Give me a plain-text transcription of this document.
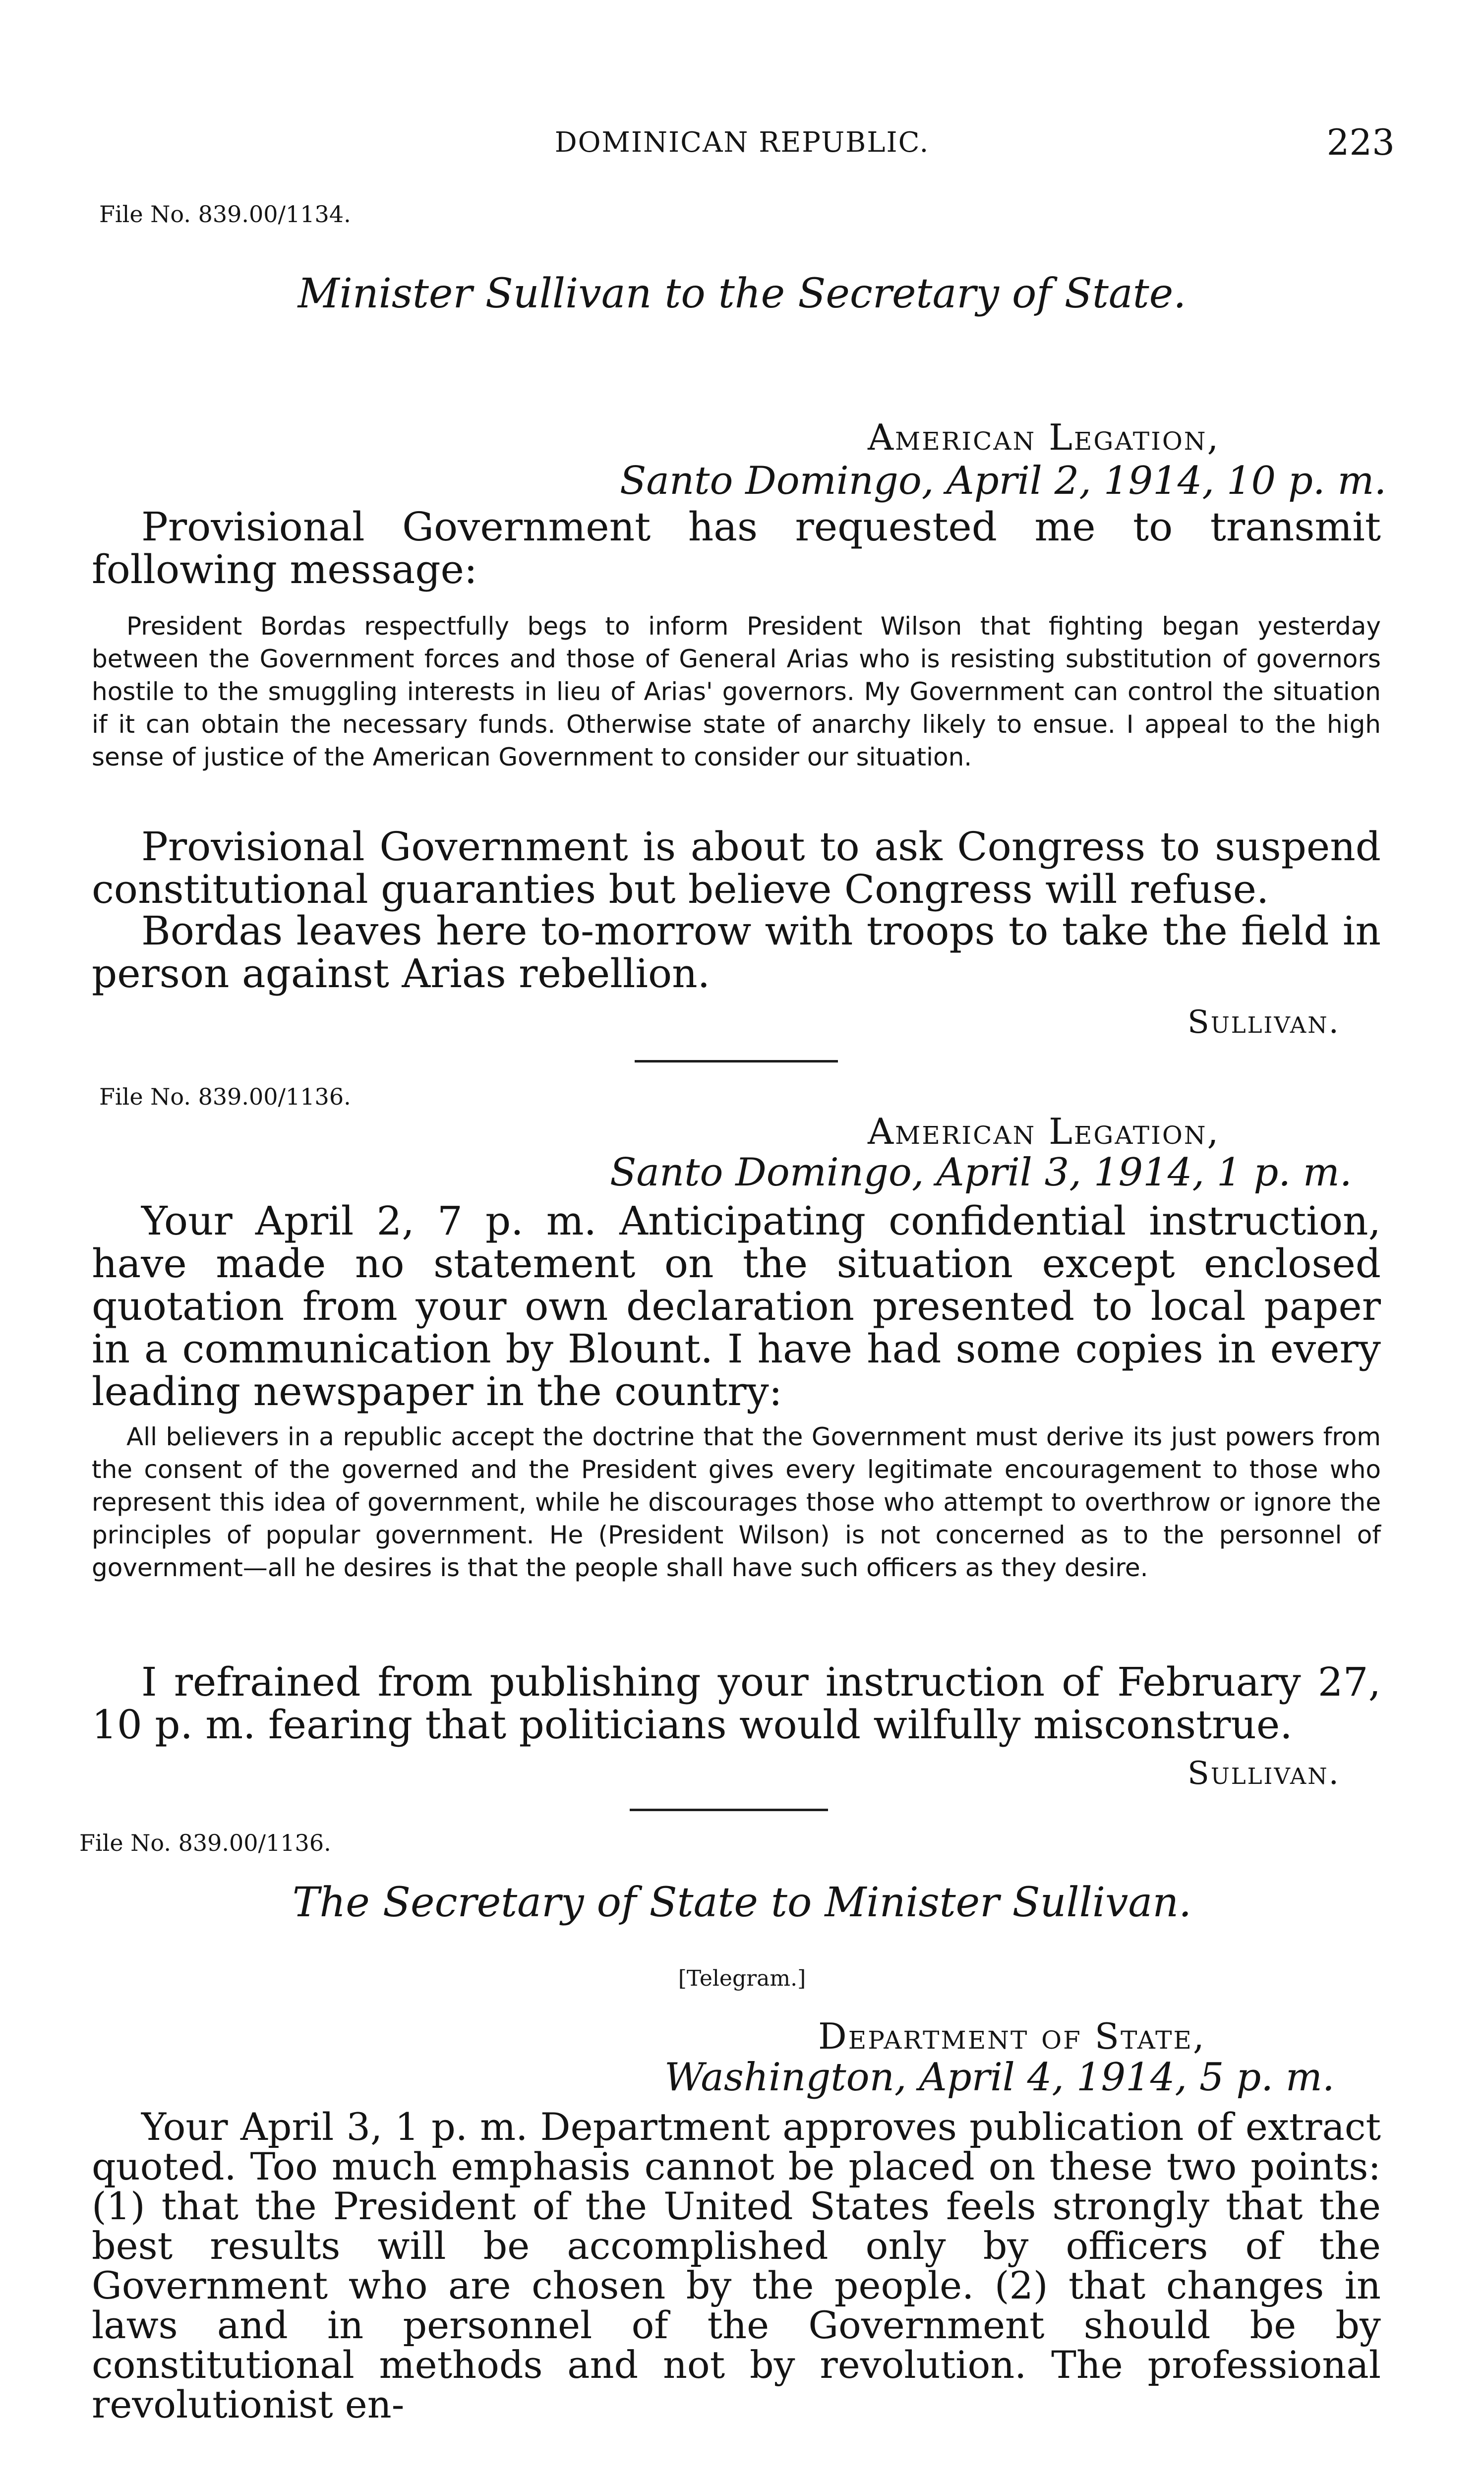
DOMINICAN REPUBLIC.	223
File No. 839.00/1134.
Minister Sullivan to the Secretary of State.
American Legation,
Santo Domingo, April 2, 1914, 10 p. m.

Provisional Government has requested me to transmit following message:

President Bordas respectfully begs to inform President Wilson that fighting began yesterday between the Government forces and those of General Arias who is resisting substitution of governors hostile to the smuggling interests in lieu of Arias' governors. My Government can control the situation if it can obtain the necessary funds. Otherwise state of anarchy likely to ensue. I appeal to the high sense of justice of the American Government to consider our situation.

Provisional Government is about to ask Congress to suspend constitutional guaranties but believe Congress will refuse.

Bordas leaves here to-morrow with troops to take the field in person against Arias rebellion.

Sullivan.
File No. 839.00/1136.
American Legation,
Santo Domingo, April 3, 1914, 1 p. m.

Your April 2, 7 p. m. Anticipating confidential instruction, have made no statement on the situation except enclosed quotation from your own declaration presented to local paper in a communication by Blount. I have had some copies in every leading newspaper in the country:

All believers in a republic accept the doctrine that the Government must derive its just powers from the consent of the governed and the President gives every legitimate encouragement to those who represent this idea of government, while he discourages those who attempt to overthrow or ignore the principles of popular government. He (President Wilson) is not concerned as to the personnel of government—all he desires is that the people shall have such officers as they desire.

I refrained from publishing your instruction of February 27, 10 p. m. fearing that politicians would wilfully misconstrue.

Sullivan.
File No. 839.00/1136.
The Secretary of State to Minister Sullivan.
[Telegram.]
Department of State,
Washington, April 4, 1914, 5 p. m.

Your April 3, 1 p. m. Department approves publication of extract quoted. Too much emphasis cannot be placed on these two points: (1) that the President of the United States feels strongly that the best results will be accomplished only by officers of the Government who are chosen by the people. (2) that changes in laws and in personnel of the Government should be by constitutional methods and not by revolution. The professional revolutionist en-
